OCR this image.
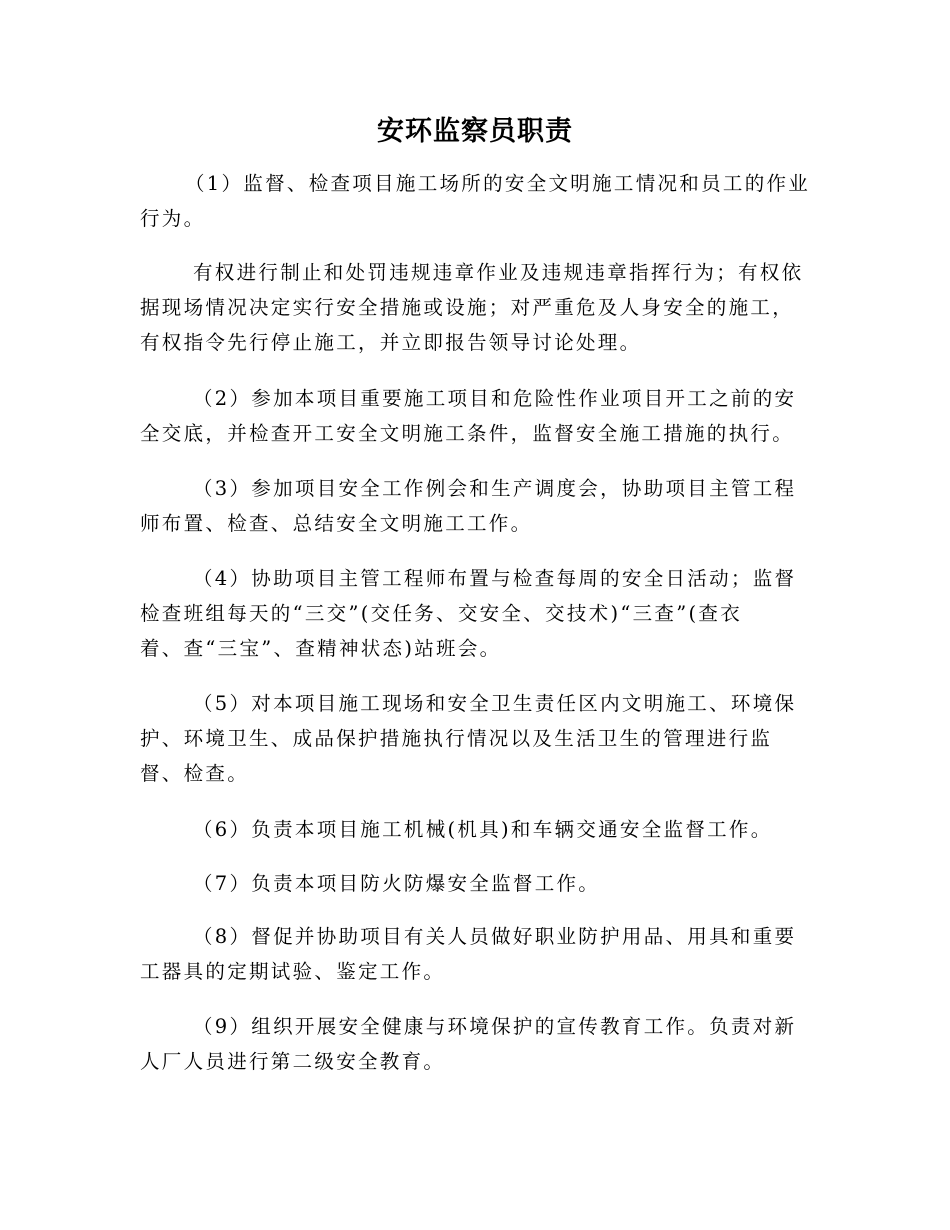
安环监察员职责
（1）监督、检查项目施工场所的安全文明施工情况和员工的作业
行为。
有权进行制止和处罚违规违章作业及违规违章指挥行为；有权依
据现场情况决定实行安全措施或设施；对严重危及人身安全的施工，
有权指令先行停止施工，并立即报告领导讨论处理。
（2）参加本项目重要施工项目和危险性作业项目开工之前的安
全交底，并检查开工安全文明施工条件，监督安全施工措施的执行。
（3）参加项目安全工作例会和生产调度会，协助项目主管工程
师布置、检查、总结安全文明施工工作。
（4）协助项目主管工程师布置与检查每周的安全日活动；监督
检查班组每天的“三交”(交任务、交安全、交技术)“三查”(查衣
着、查“三宝”、查精神状态)站班会。
（5）对本项目施工现场和安全卫生责任区内文明施工、环境保
护、环境卫生、成品保护措施执行情况以及生活卫生的管理进行监
督、检查。
（6）负责本项目施工机械(机具)和车辆交通安全监督工作。
（7）负责本项目防火防爆安全监督工作。
（8）督促并协助项目有关人员做好职业防护用品、用具和重要
工器具的定期试验、鉴定工作。
（9）组织开展安全健康与环境保护的宣传教育工作。负责对新
人厂人员进行第二级安全教育。
